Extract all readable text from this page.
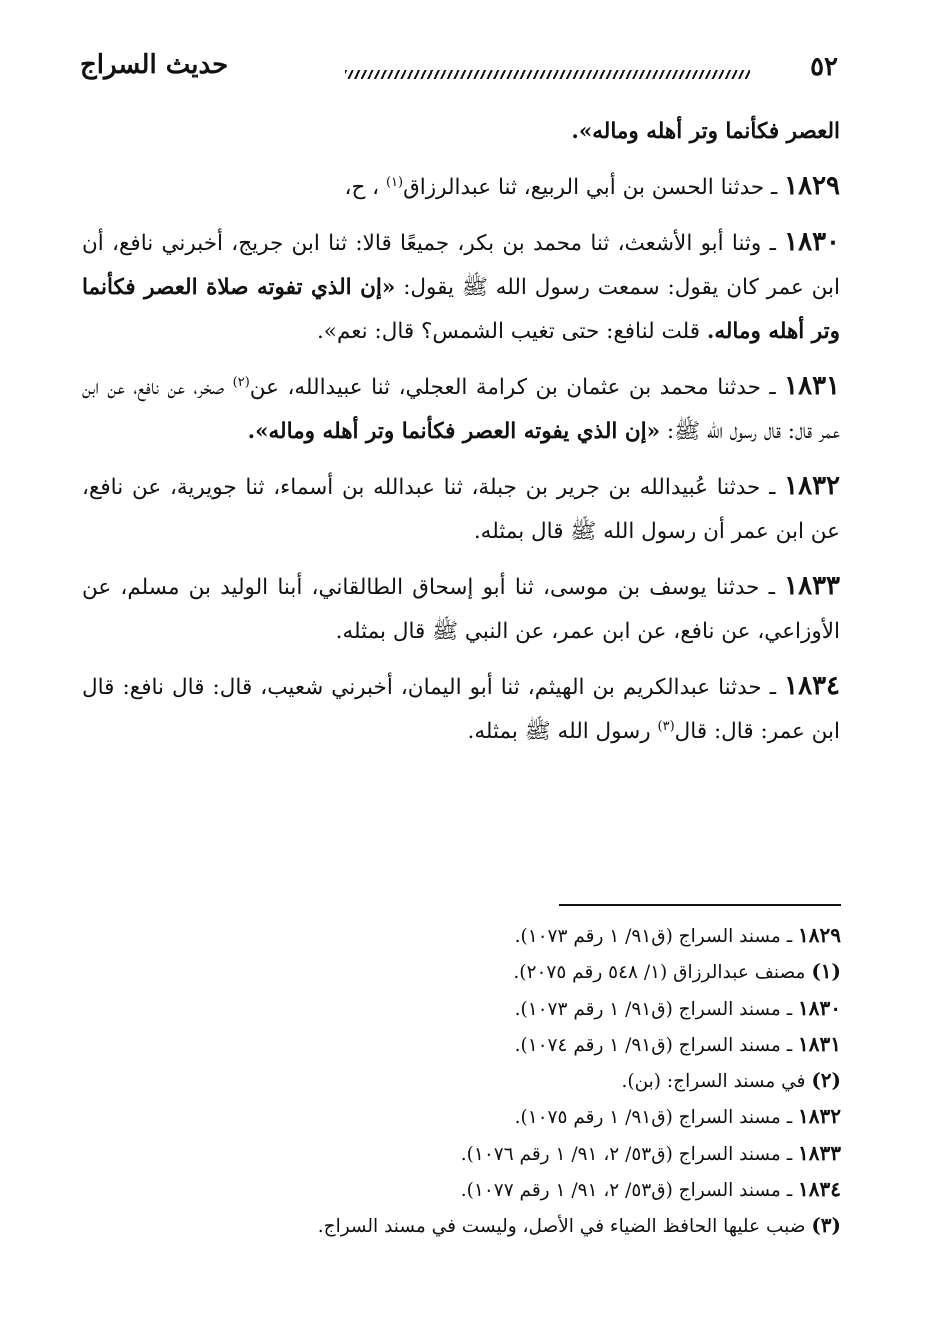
٥٢
حديث السراج

العصر فكأنما وتر أهله وماله».

١٨٢٩ ـ حدثنا الحسن بن أبي الربيع، ثنا عبدالرزاق$^{(١)}$ ، ح،

١٨٣٠ ـ وثنا أبو الأشعث، ثنا محمد بن بكر، جميعًا قالا: ثنا ابن جريج، أخبرني نافع، أن ابن عمر كان يقول: سمعت رسول الله ﷺ يقول: «إن الذي تفوته صلاة العصر فكأنما وتر أهله وماله. قلت لنافع: حتى تغيب الشمس؟ قال: نعم».

١٨٣١ ـ حدثنا محمد بن عثمان بن كرامة العجلي، ثنا عبيدالله، عن$^{(٢)}$ صخر، عن نافع، عن ابن عمر قال: قال رسول الله ﷺ: «إن الذي يفوته العصر فكأنما وتر أهله وماله».

١٨٣٢ ـ حدثنا عُبيدالله بن جرير بن جبلة، ثنا عبدالله بن أسماء، ثنا جويرية، عن نافع، عن ابن عمر أن رسول الله ﷺ قال بمثله.

١٨٣٣ ـ حدثنا يوسف بن موسى، ثنا أبو إسحاق الطالقاني، أبنا الوليد بن مسلم، عن الأوزاعي، عن نافع، عن ابن عمر، عن النبي ﷺ قال بمثله.

١٨٣٤ ـ حدثنا عبدالكريم بن الهيثم، ثنا أبو اليمان، أخبرني شعيب، قال: قال نافع: قال ابن عمر: قال: قال$^{(٣)}$ رسول الله ﷺ بمثله.

١٨٢٩ ـ مسند السراج (ق٩١/ ١ رقم ١٠٧٣).
(١) مصنف عبدالرزاق (١/ ٥٤٨ رقم ٢٠٧٥).
١٨٣٠ ـ مسند السراج (ق٩١/ ١ رقم ١٠٧٣).
١٨٣١ ـ مسند السراج (ق٩١/ ١ رقم ١٠٧٤).
(٢) في مسند السراج: (بن).
١٨٣٢ ـ مسند السراج (ق٩١/ ١ رقم ١٠٧٥).
١٨٣٣ ـ مسند السراج (ق٥٣/ ٢، ٩١/ ١ رقم ١٠٧٦).
١٨٣٤ ـ مسند السراج (ق٥٣/ ٢، ٩١/ ١ رقم ١٠٧٧).
(٣) ضبب عليها الحافظ الضياء في الأصل، وليست في مسند السراج.
